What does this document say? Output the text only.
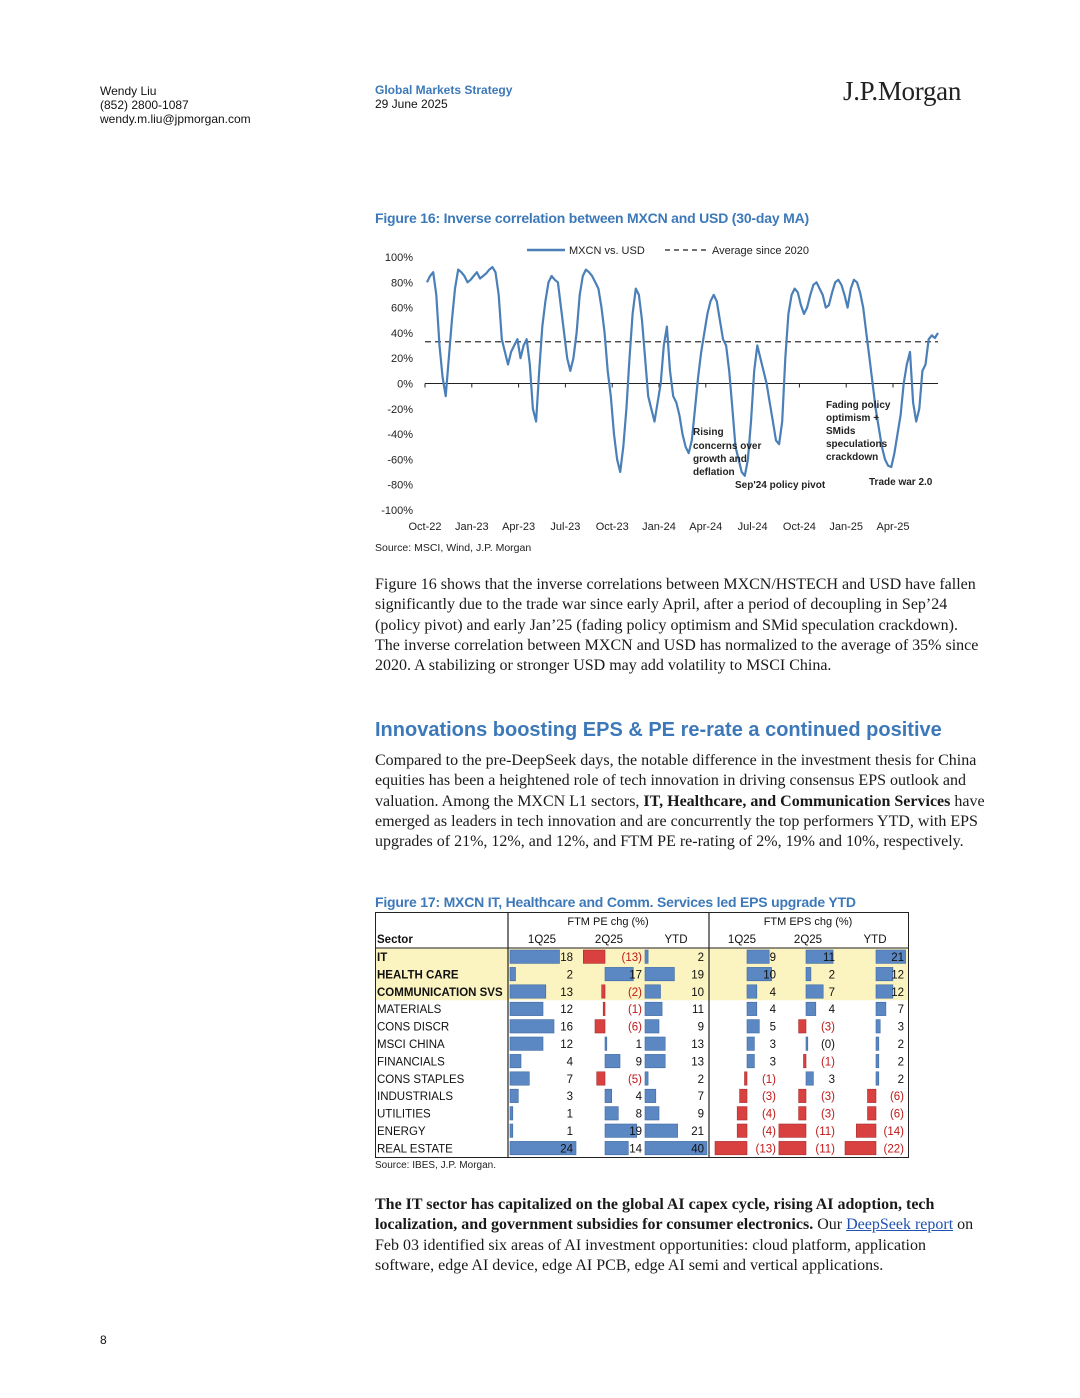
Wendy Liu
(852) 2800-1087
wendy.m.liu@jpmorgan.com
Global Markets Strategy
29 June 2025	J.P.Morgan
Figure 16: Inverse correlation between MXCN and USD (30-day MA)
MXCN vs. USD	Average since 2020
100%
80%
60%
40%
20%
0%
-20%
-40%
-60%
-80%
-100%
Oct-22 Jan-23 Apr-23 Jul-23 Oct-23 Jan-24 Apr-24 Jul-24 Oct-24 Jan-25 Apr-25
Rising concerns over growth and deflation
Sep'24 policy pivot
Fading policy optimism + SMids speculations crackdown
Trade war 2.0
Source: MSCI, Wind, J.P. Morgan

Figure 16 shows that the inverse correlations between MXCN/HSTECH and USD have fallen significantly due to the trade war since early April, after a period of decoupling in Sep’24 (policy pivot) and early Jan’25 (fading policy optimism and SMid speculation crackdown). The inverse correlation between MXCN and USD has normalized to the average of 35% since 2020. A stabilizing or stronger USD may add volatility to MSCI China.

Innovations boosting EPS & PE re-rate a continued positive

Compared to the pre-DeepSeek days, the notable difference in the investment thesis for China equities has been a heightened role of tech innovation in driving consensus EPS outlook and valuation. Among the MXCN L1 sectors, IT, Healthcare, and Communication Services have emerged as leaders in tech innovation and are concurrently the top performers YTD, with EPS upgrades of 21%, 12%, and 12%, and FTM PE re-rating of 2%, 19% and 10%, respectively.

Figure 17: MXCN IT, Healthcare and Comm. Services led EPS upgrade YTD
FTM PE chg (%)	FTM EPS chg (%)
Sector	1Q25	2Q25	YTD	1Q25	2Q25	YTD
IT	18	(13)	2	9	11	21
HEALTH CARE	2	17	19	10	2	12
COMMUNICATION SVS	13	(2)	10	4	7	12
MATERIALS	12	(1)	11	4	4	7
CONS DISCR	16	(6)	9	5	(3)	3
MSCI CHINA	12	1	13	3	(0)	2
FINANCIALS	4	9	13	3	(1)	2
CONS STAPLES	7	(5)	2	(1)	3	2
INDUSTRIALS	3	4	7	(3)	(3)	(6)
UTILITIES	1	8	9	(4)	(3)	(6)
ENERGY	1	19	21	(4)	(11)	(14)
REAL ESTATE	24	14	40	(13)	(11)	(22)
Source: IBES, J.P. Morgan.

The IT sector has capitalized on the global AI capex cycle, rising AI adoption, tech localization, and government subsidies for consumer electronics. Our DeepSeek report on Feb 03 identified six areas of AI investment opportunities: cloud platform, application software, edge AI device, edge AI PCB, edge AI semi and vertical applications.

8
